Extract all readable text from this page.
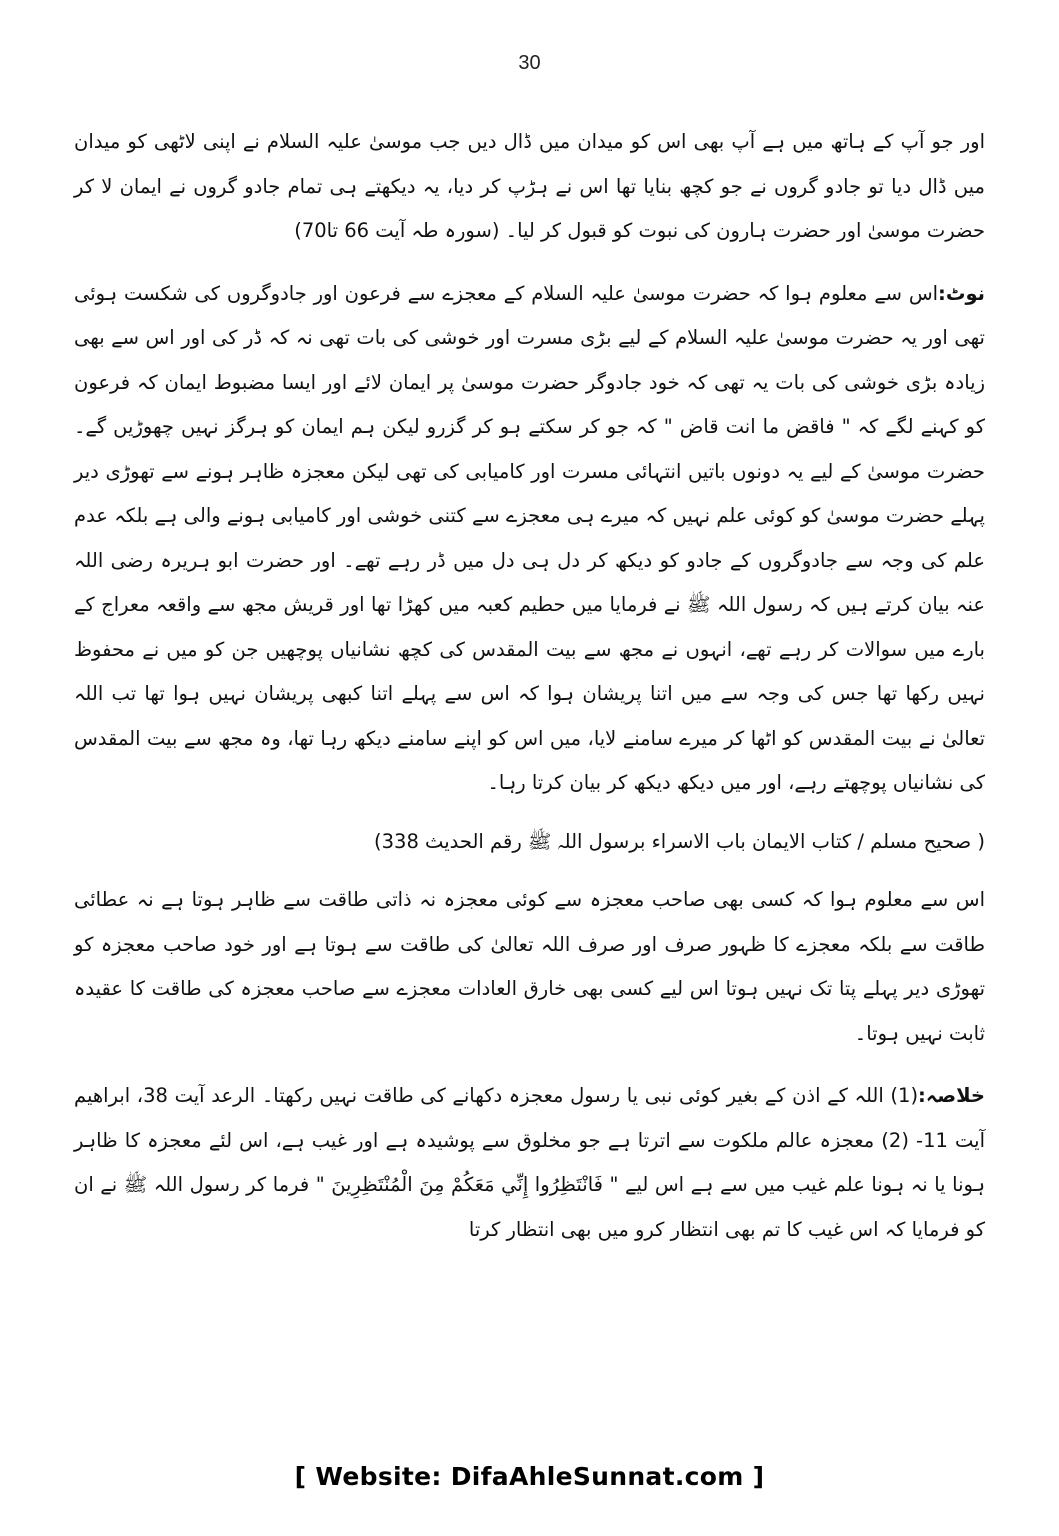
30

اور جو آپ کے ہاتھ میں ہے آپ بھی اس کو میدان میں ڈال دیں جب موسیٰ علیہ السلام نے اپنی لاٹھی کو میدان میں ڈال دیا تو جادو گروں نے جو کچھ بنایا تھا اس نے ہڑپ کر دیا، یہ دیکھتے ہی تمام جادو گروں نے ایمان لا کر حضرت موسیٰ اور حضرت ہارون کی نبوت کو قبول کر لیا۔ (سورہ طہ آیت 66 تا70)

نوٹ:اس سے معلوم ہوا کہ حضرت موسیٰ علیہ السلام کے معجزے سے فرعون اور جادوگروں کی شکست ہوئی تھی اور یہ حضرت موسیٰ علیہ السلام کے لیے بڑی مسرت اور خوشی کی بات تھی نہ کہ ڈر کی اور اس سے بھی زیادہ بڑی خوشی کی بات یہ تھی کہ خود جادوگر حضرت موسیٰ پر ایمان لائے اور ایسا مضبوط ایمان کہ فرعون کو کہنے لگے کہ " فاقض ما انت قاض " کہ جو کر سکتے ہو کر گزرو لیکن ہم ایمان کو ہرگز نہیں چھوڑیں گے۔ حضرت موسیٰ کے لیے یہ دونوں باتیں انتہائی مسرت اور کامیابی کی تھی لیکن معجزہ ظاہر ہونے سے تھوڑی دیر پہلے حضرت موسیٰ کو کوئی علم نہیں کہ میرے ہی معجزے سے کتنی خوشی اور کامیابی ہونے والی ہے بلکہ عدم علم کی وجہ سے جادوگروں کے جادو کو دیکھ کر دل ہی دل میں ڈر رہے تھے۔ اور حضرت ابو ہریرہ رضی اللہ عنہ بیان کرتے ہیں کہ رسول اللہ ﷺ نے فرمایا میں حطیم کعبہ میں کھڑا تھا اور قریش مجھ سے واقعہ معراج کے بارے میں سوالات کر رہے تھے، انہوں نے مجھ سے بیت المقدس کی کچھ نشانیاں پوچھیں جن کو میں نے محفوظ نہیں رکھا تھا جس کی وجہ سے میں اتنا پریشان ہوا کہ اس سے پہلے اتنا کبھی پریشان نہیں ہوا تھا تب اللہ تعالیٰ نے بیت المقدس کو اٹھا کر میرے سامنے لایا، میں اس کو اپنے سامنے دیکھ رہا تھا، وہ مجھ سے بیت المقدس کی نشانیاں پوچھتے رہے، اور میں دیکھ دیکھ کر بیان کرتا رہا۔

( صحیح مسلم / کتاب الایمان باب الاسراء برسول اللہ ﷺ رقم الحدیث 338)

اس سے معلوم ہوا کہ کسی بھی صاحب معجزہ سے کوئی معجزہ نہ ذاتی طاقت سے ظاہر ہوتا ہے نہ عطائی طاقت سے بلکہ معجزے کا ظہور صرف اور صرف اللہ تعالیٰ کی طاقت سے ہوتا ہے اور خود صاحب معجزہ کو تھوڑی دیر پہلے پتا تک نہیں ہوتا اس لیے کسی بھی خارق العادات معجزے سے صاحب معجزہ کی طاقت کا عقیدہ ثابت نہیں ہوتا۔

خلاصہ:(1) اللہ کے اذن کے بغیر کوئی نبی یا رسول معجزہ دکھانے کی طاقت نہیں رکھتا۔ الرعد آیت 38، ابراھیم آیت 11- (2) معجزہ عالم ملکوت سے اترتا ہے جو مخلوق سے پوشیدہ ہے اور غیب ہے، اس لئے معجزہ کا ظاہر ہونا یا نہ ہونا علم غیب میں سے ہے اس لیے " فَانْتَظِرُوا إِنِّي مَعَكُمْ مِنَ الْمُنْتَظِرِينَ " فرما کر رسول اللہ ﷺ نے ان کو فرمایا کہ اس غیب کا تم بھی انتظار کرو میں بھی انتظار کرتا

[ Website: DifaAhleSunnat.com ]
